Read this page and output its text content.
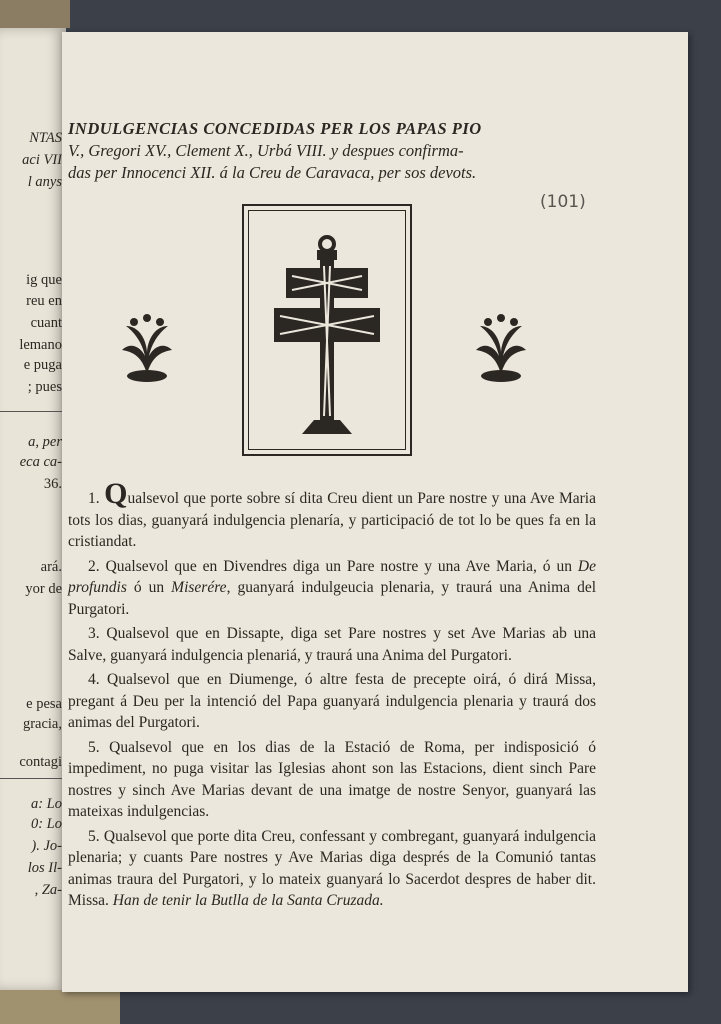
NTAS
aci VII
l anys
ig que
reu en
cuant
lemano
e puga
; pues
a, per
eca ca-
36.
ará.
yor de
e pesa
gracia,
contagi
a: Lo
0: Lo
). Jo-
los Il-
, Za-
INDULGENCIAS CONCEDIDAS PER LOS PAPAS PIO
V., Gregori XV., Clement X., Urbá VIII. y despues confirma-
das per Innocenci XII. á la Creu de Caravaca, per sos devots.
(101)

1. Qualsevol que porte sobre sí dita Creu dient un Pare nostre y una Ave Maria tots los dias, guanyará indulgencia plenaría, y participació de tot lo be ques fa en la cristiandat.

2. Qualsevol que en Divendres diga un Pare nostre y una Ave Maria, ó un De profundis ó un Miserére, guanyará indulgeucia plenaria, y traurá una Anima del Purgatori.

3. Qualsevol que en Dissapte, diga set Pare nostres y set Ave Marias ab una Salve, guanyará indulgencia plenariá, y traurá una Anima del Purgatori.

4. Qualsevol que en Diumenge, ó altre festa de precepte oirá, ó dirá Missa, pregant á Deu per la intenció del Papa guanyará indulgencia plenaria y traurá dos animas del Purgatori.

5. Qualsevol que en los dias de la Estació de Roma, per indisposició ó impediment, no puga visitar las Iglesias ahont son las Estacions, dient sinch Pare nostres y sinch Ave Marias devant de una imatge de nostre Senyor, guanyará las mateixas indulgencias.

5. Qualsevol que porte dita Creu, confessant y combregant, guanyará indulgencia plenaria; y cuants Pare nostres y Ave Marias diga després de la Comunió tantas animas traura del Purgatori, y lo mateix guanyará lo Sacerdot despres de haber dit. Missa. Han de tenir la Butlla de la Santa Cruzada.
